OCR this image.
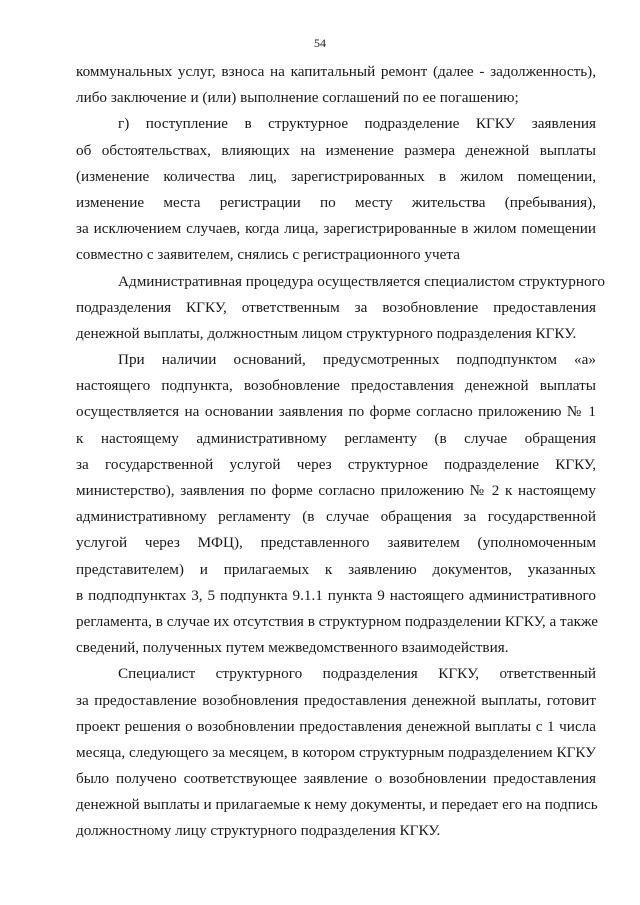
54
коммунальных услуг, взноса на капитальный ремонт (далее - задолженность),
либо заключение и (или) выполнение соглашений по ее погашению;
г) поступление в структурное подразделение КГКУ заявления
об обстоятельствах, влияющих на изменение размера денежной выплаты
(изменение количества лиц, зарегистрированных в жилом помещении,
изменение места регистрации по месту жительства (пребывания),
за исключением случаев, когда лица, зарегистрированные в жилом помещении
совместно с заявителем, снялись с регистрационного учета
Административная процедура осуществляется специалистом структурного
подразделения КГКУ, ответственным за возобновление предоставления
денежной выплаты, должностным лицом структурного подразделения КГКУ.
При наличии оснований, предусмотренных подподпунктом «а»
настоящего подпункта, возобновление предоставления денежной выплаты
осуществляется на основании заявления по форме согласно приложению № 1
к настоящему административному регламенту (в случае обращения
за государственной услугой через структурное подразделение КГКУ,
министерство), заявления по форме согласно приложению № 2 к настоящему
административному регламенту (в случае обращения за государственной
услугой через МФЦ), представленного заявителем (уполномоченным
представителем) и прилагаемых к заявлению документов, указанных
в подподпунктах 3, 5 подпункта 9.1.1 пункта 9 настоящего административного
регламента, в случае их отсутствия в структурном подразделении КГКУ, а также
сведений, полученных путем межведомственного взаимодействия.
Специалист структурного подразделения КГКУ, ответственный
за предоставление возобновления предоставления денежной выплаты, готовит
проект решения о возобновлении предоставления денежной выплаты с 1 числа
месяца, следующего за месяцем, в котором структурным подразделением КГКУ
было получено соответствующее заявление о возобновлении предоставления
денежной выплаты и прилагаемые к нему документы, и передает его на подпись
должностному лицу структурного подразделения КГКУ.
